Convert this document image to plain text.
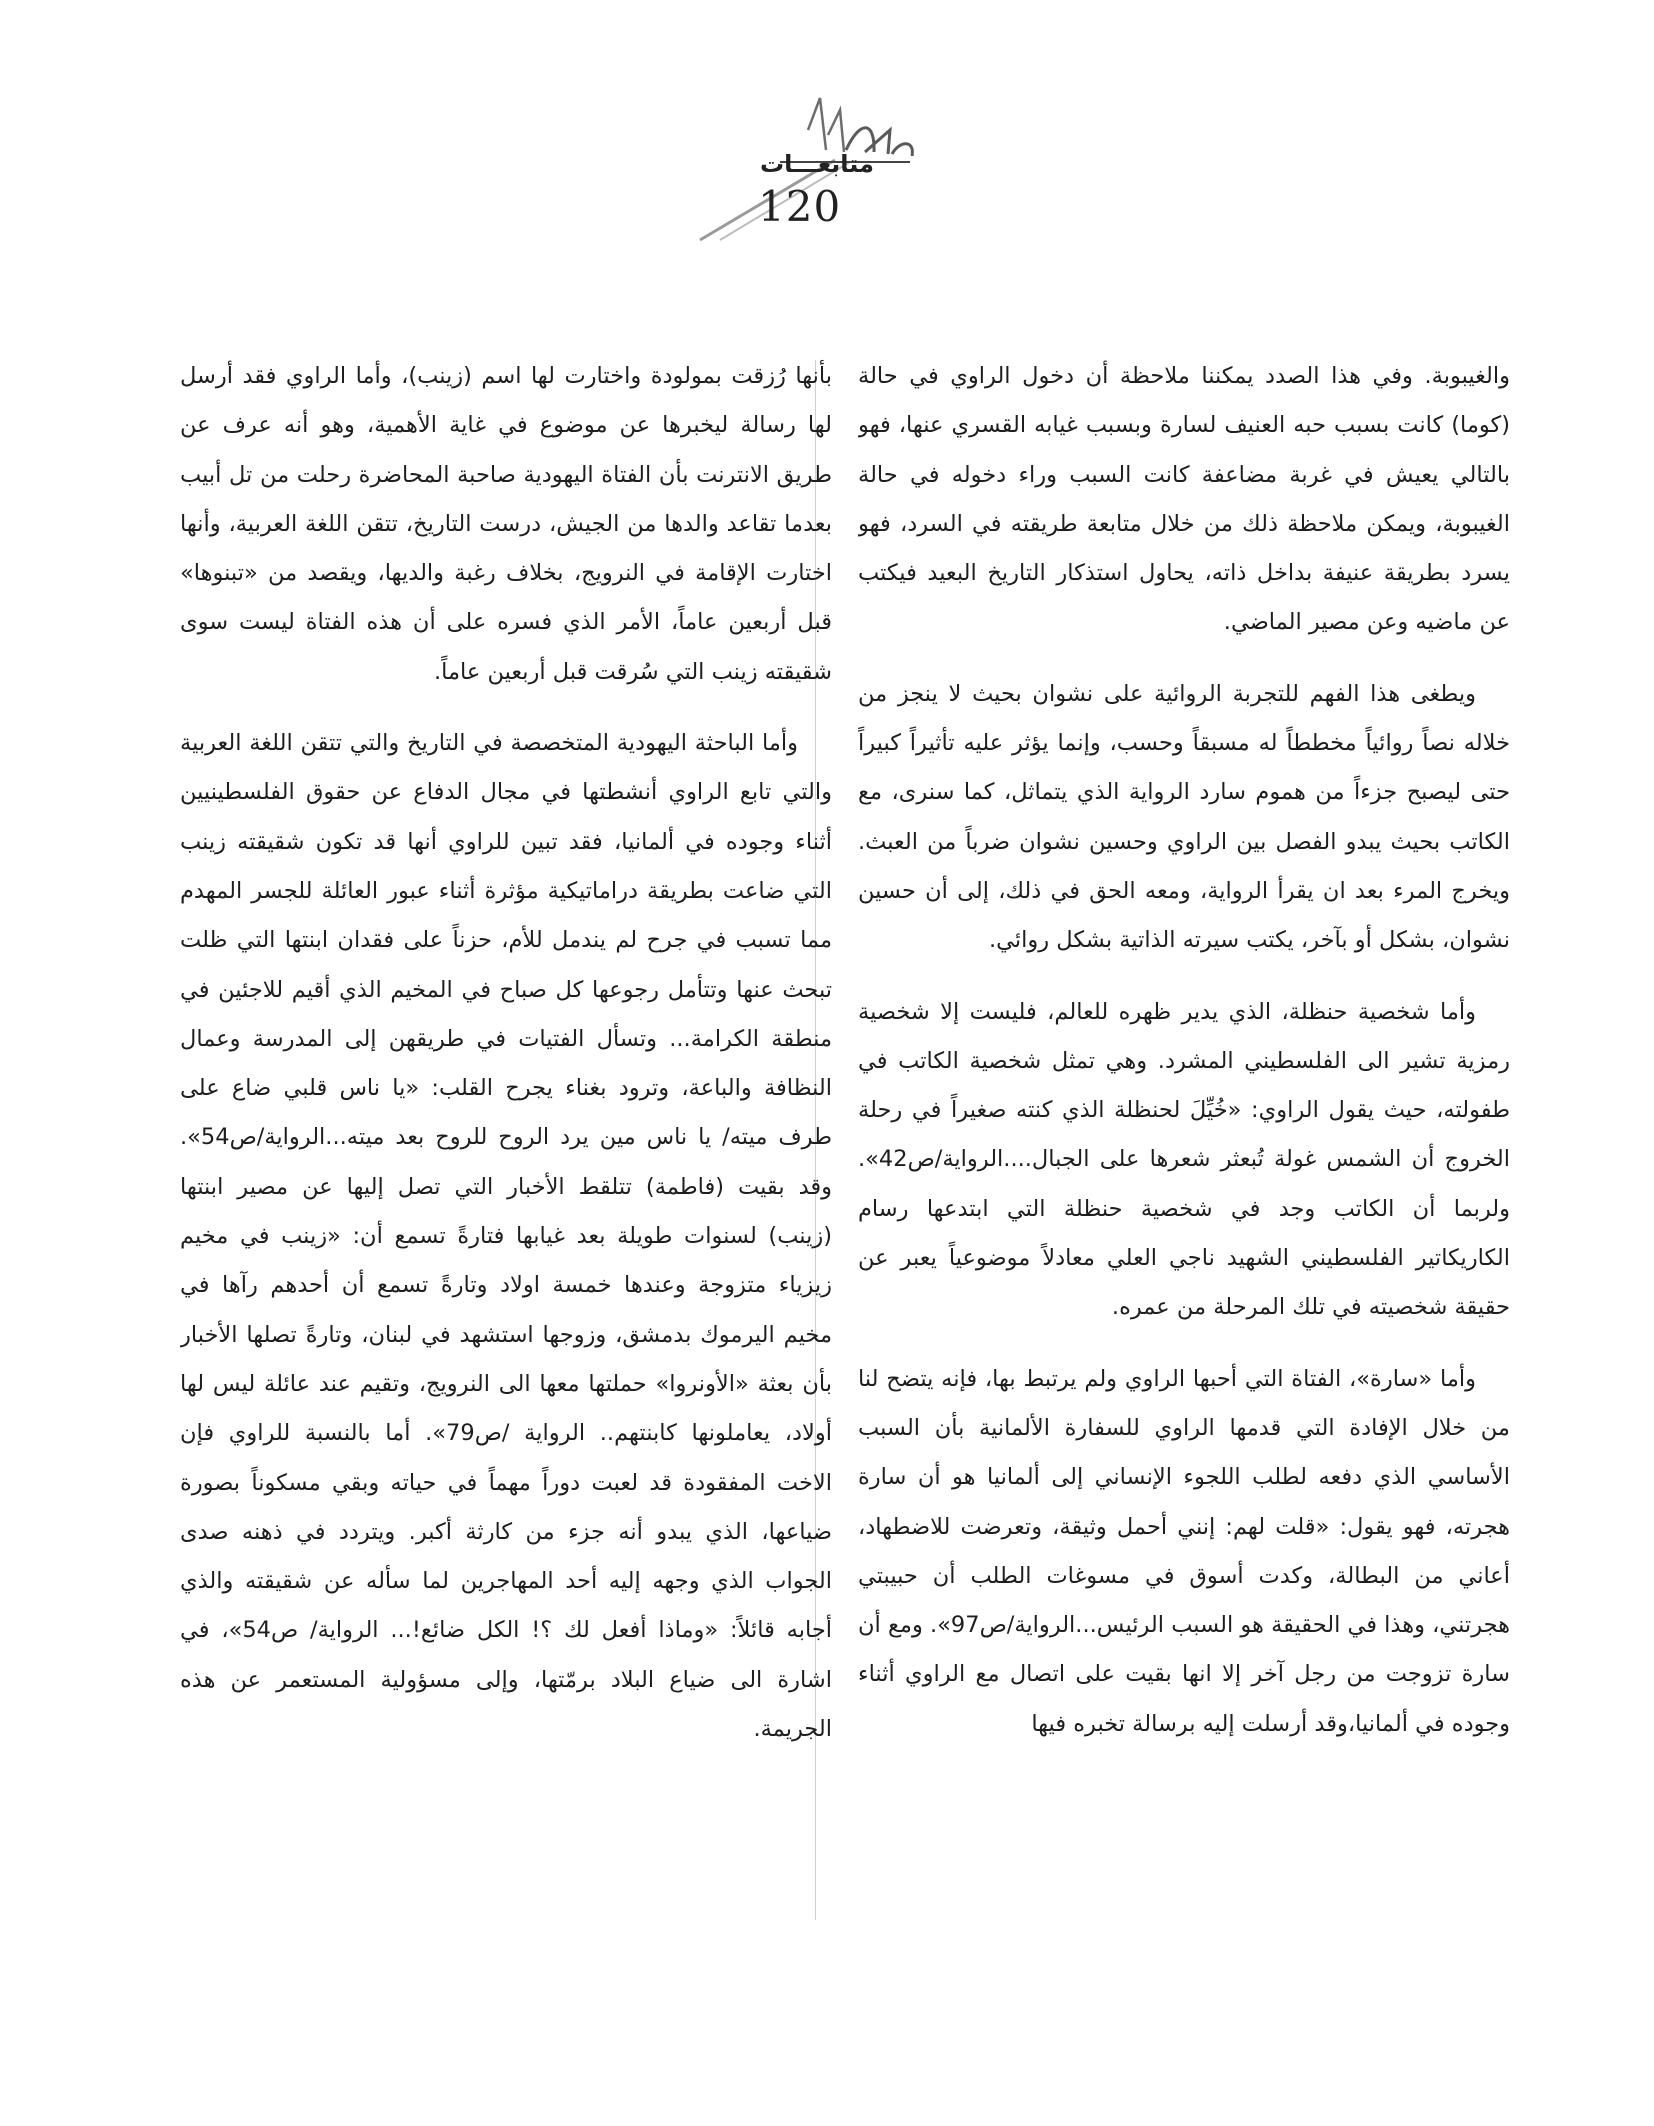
متابعـــات
120

والغيبوبة. وفي هذا الصدد يمكننا ملاحظة أن دخول الراوي في حالة (كوما) كانت بسبب حبه العنيف لسارة وبسبب غيابه القسري عنها، فهو بالتالي يعيش في غربة مضاعفة كانت السبب وراء دخوله في حالة الغيبوبة، ويمكن ملاحظة ذلك من خلال متابعة طريقته في السرد، فهو يسرد بطريقة عنيفة بداخل ذاته، يحاول استذكار التاريخ البعيد فيكتب عن ماضيه وعن مصير الماضي.

ويطغى هذا الفهم للتجربة الروائية على نشوان بحيث لا ينجز من خلاله نصاً روائياً مخططاً له مسبقاً وحسب، وإنما يؤثر عليه تأثيراً كبيراً حتى ليصبح جزءاً من هموم سارد الرواية الذي يتماثل، كما سنرى، مع الكاتب بحيث يبدو الفصل بين الراوي وحسين نشوان ضرباً من العبث. ويخرج المرء بعد ان يقرأ الرواية، ومعه الحق في ذلك، إلى أن حسين نشوان، بشكل أو بآخر، يكتب سيرته الذاتية بشكل روائي.

وأما شخصية حنظلة، الذي يدير ظهره للعالم، فليست إلا شخصية رمزية تشير الى الفلسطيني المشرد. وهي تمثل شخصية الكاتب في طفولته، حيث يقول الراوي: «خُيِّلَ لحنظلة الذي كنته صغيراً في رحلة الخروج أن الشمس غولة تُبعثر شعرها على الجبال....الرواية/ص42». ولربما أن الكاتب وجد في شخصية حنظلة التي ابتدعها رسام الكاريكاتير الفلسطيني الشهيد ناجي العلي معادلاً موضوعياً يعبر عن حقيقة شخصيته في تلك المرحلة من عمره.

وأما «سارة»، الفتاة التي أحبها الراوي ولم يرتبط بها، فإنه يتضح لنا من خلال الإفادة التي قدمها الراوي للسفارة الألمانية بأن السبب الأساسي الذي دفعه لطلب اللجوء الإنساني إلى ألمانيا هو أن سارة هجرته، فهو يقول: «قلت لهم: إنني أحمل وثيقة، وتعرضت للاضطهاد، أعاني من البطالة، وكدت أسوق في مسوغات الطلب أن حبيبتي هجرتني، وهذا في الحقيقة هو السبب الرئيس...الرواية/ص97». ومع أن سارة تزوجت من رجل آخر إلا انها بقيت على اتصال مع الراوي أثناء وجوده في ألمانيا،وقد أرسلت إليه برسالة تخبره فيها

بأنها رُزقت بمولودة واختارت لها اسم (زينب)، وأما الراوي فقد أرسل لها رسالة ليخبرها عن موضوع في غاية الأهمية، وهو أنه عرف عن طريق الانترنت بأن الفتاة اليهودية صاحبة المحاضرة رحلت من تل أبيب بعدما تقاعد والدها من الجيش، درست التاريخ، تتقن اللغة العربية، وأنها اختارت الإقامة في النرويج، بخلاف رغبة والديها، ويقصد من «تبنوها» قبل أربعين عاماً، الأمر الذي فسره على أن هذه الفتاة ليست سوى شقيقته زينب التي سُرقت قبل أربعين عاماً.

وأما الباحثة اليهودية المتخصصة في التاريخ والتي تتقن اللغة العربية والتي تابع الراوي أنشطتها في مجال الدفاع عن حقوق الفلسطينيين أثناء وجوده في ألمانيا، فقد تبين للراوي أنها قد تكون شقيقته زينب التي ضاعت بطريقة دراماتيكية مؤثرة أثناء عبور العائلة للجسر المهدم مما تسبب في جرح لم يندمل للأم، حزناً على فقدان ابنتها التي ظلت تبحث عنها وتتأمل رجوعها كل صباح في المخيم الذي أقيم للاجئين في منطقة الكرامة... وتسأل الفتيات في طريقهن إلى المدرسة وعمال النظافة والباعة، وترود بغناء يجرح القلب: «يا ناس قلبي ضاع على طرف ميته/ يا ناس مين يرد الروح للروح بعد ميته...الرواية/ص54». وقد بقيت (فاطمة) تتلقط الأخبار التي تصل إليها عن مصير ابنتها (زينب) لسنوات طويلة بعد غيابها فتارةً تسمع أن: «زينب في مخيم زيزياء متزوجة وعندها خمسة اولاد وتارةً تسمع أن أحدهم رآها في مخيم اليرموك بدمشق، وزوجها استشهد في لبنان، وتارةً تصلها الأخبار بأن بعثة «الأونروا» حملتها معها الى النرويج، وتقيم عند عائلة ليس لها أولاد، يعاملونها كابنتهم.. الرواية /ص79». أما بالنسبة للراوي فإن الاخت المفقودة قد لعبت دوراً مهماً في حياته وبقي مسكوناً بصورة ضياعها، الذي يبدو أنه جزء من كارثة أكبر. ويتردد في ذهنه صدى الجواب الذي وجهه إليه أحد المهاجرين لما سأله عن شقيقته والذي أجابه قائلاً: «وماذا أفعل لك ؟! الكل ضائع!... الرواية/ ص54»، في اشارة الى ضياع البلاد برمّتها، وإلى مسؤولية المستعمر عن هذه الجريمة.
